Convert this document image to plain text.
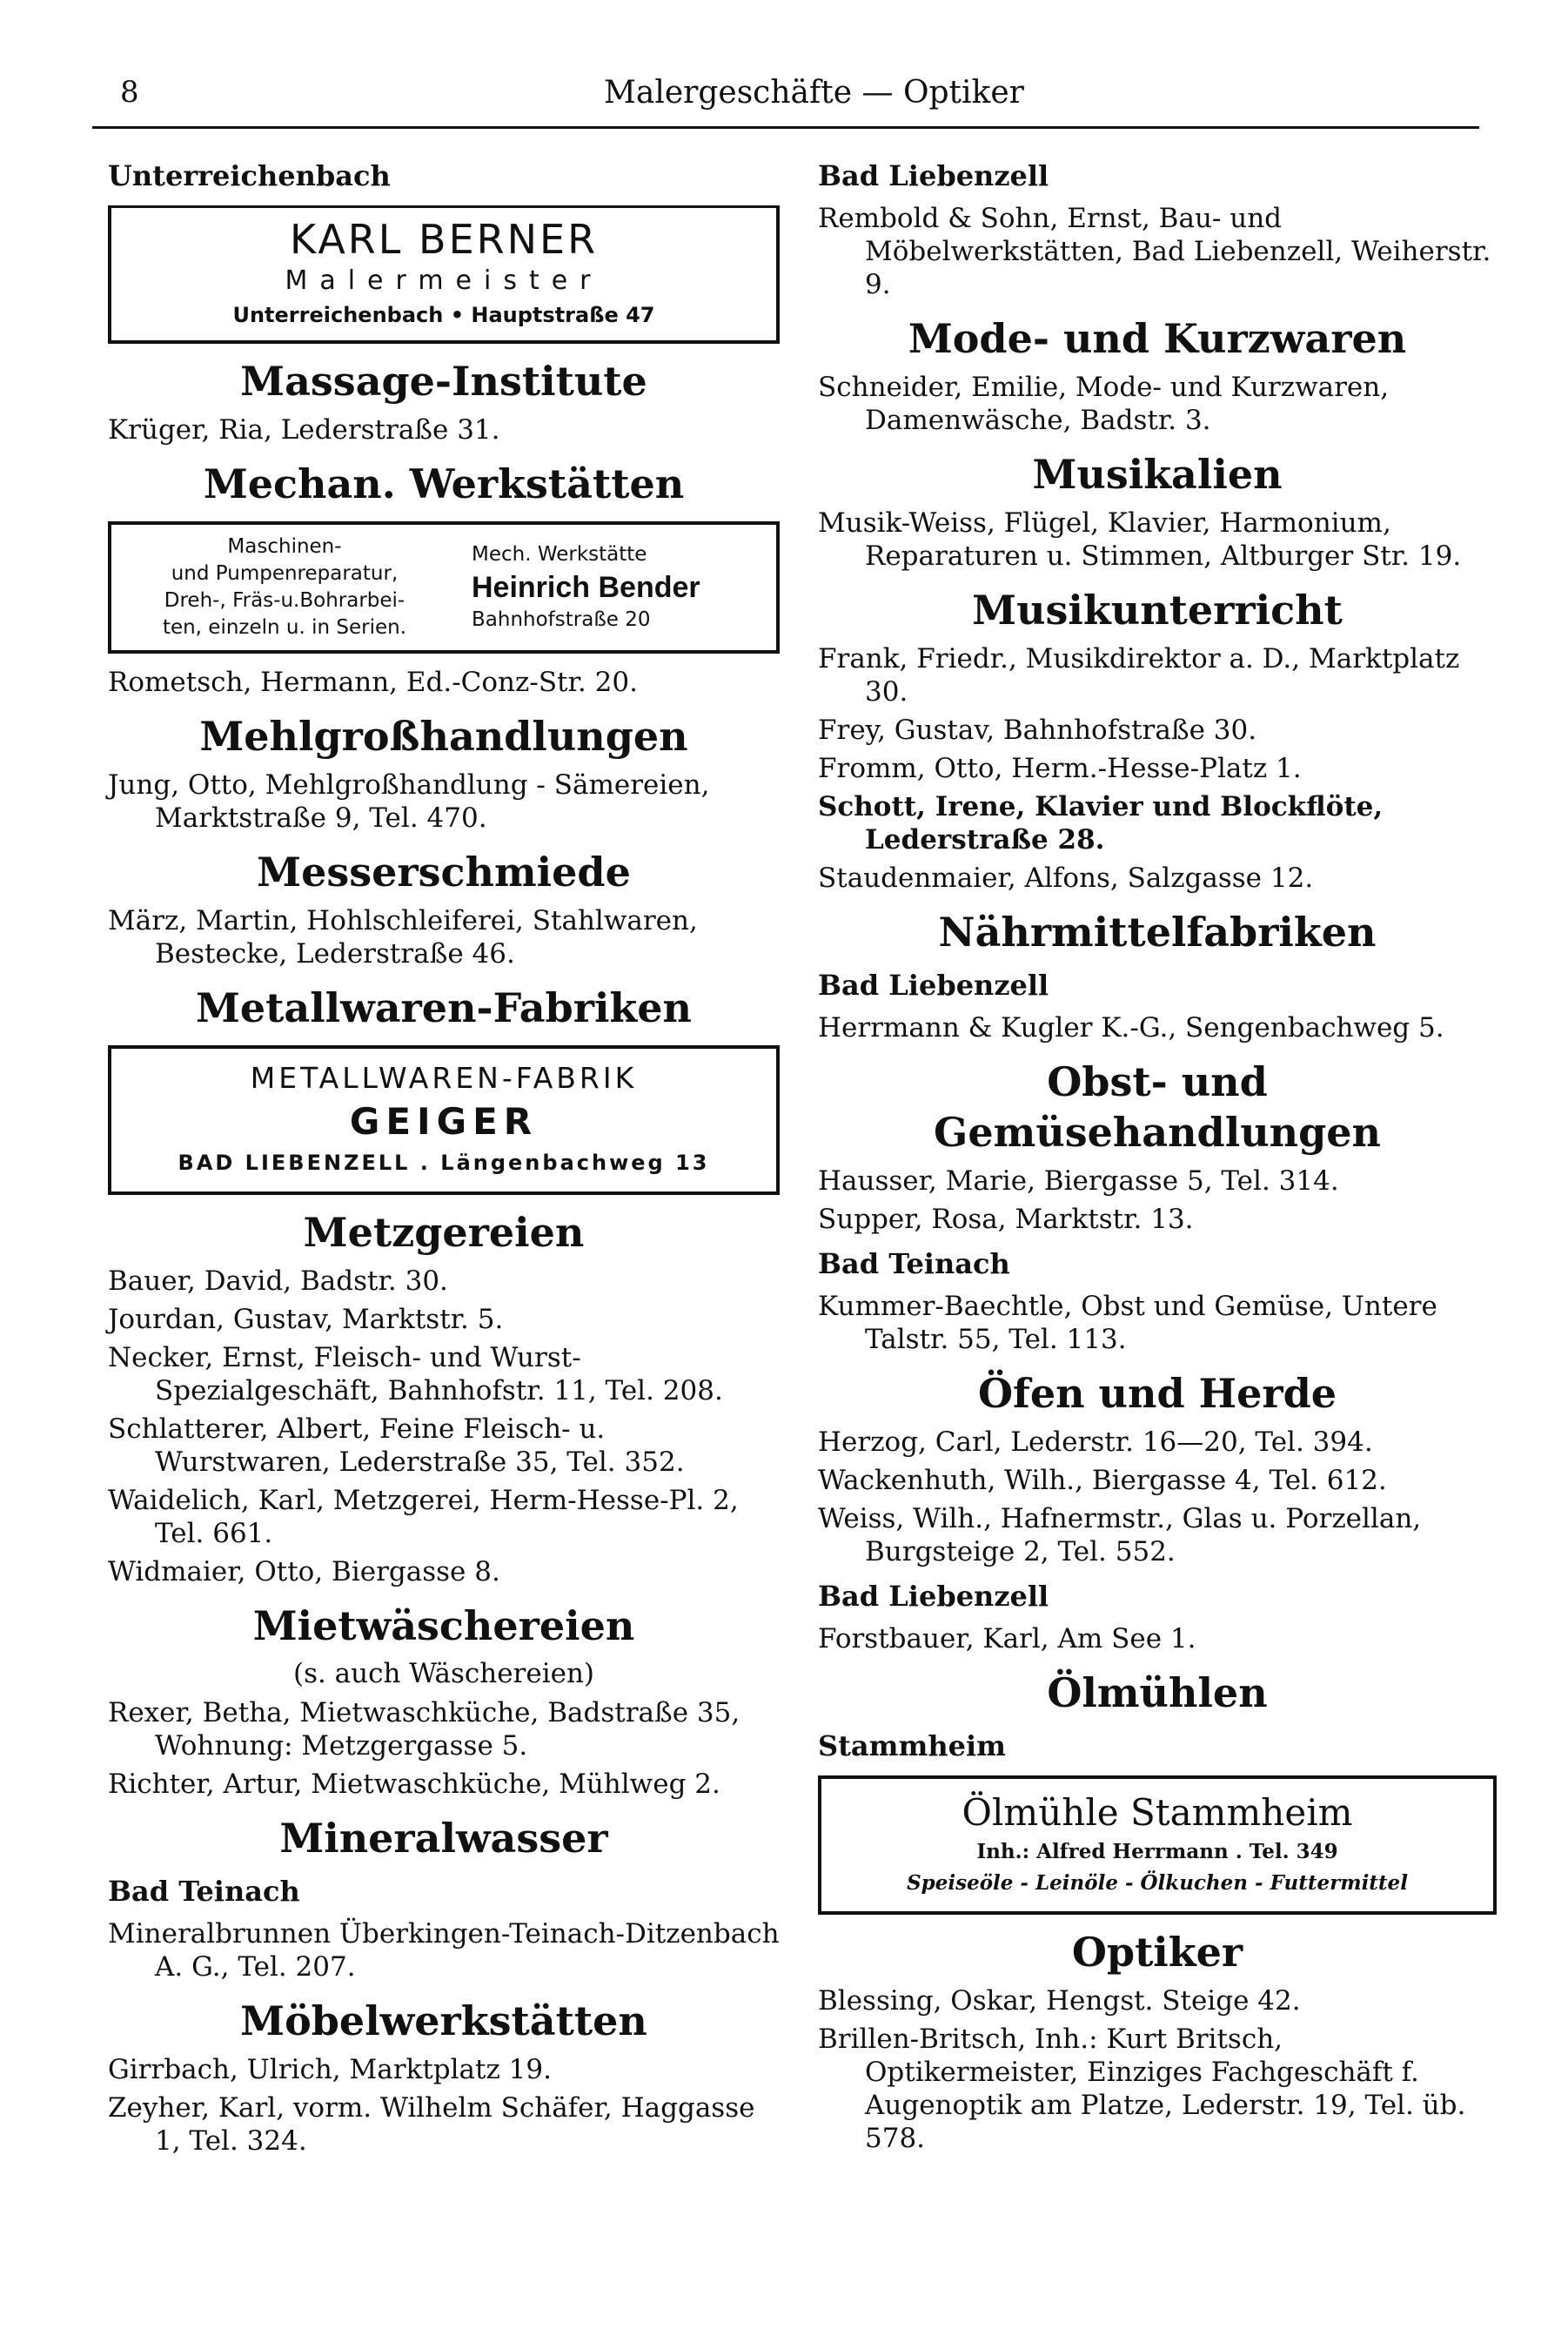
8	Malergeschäfte — Optiker
Unterreichenbach
KARL BERNER
Malermeister
Unterreichenbach • Hauptstraße 47
Massage-Institute
Krüger, Ria, Lederstraße 31.
Mechan. Werkstätten
Maschinen-
und Pumpenreparatur,
Dreh-, Fräs-u.Bohrarbei-
ten, einzeln u. in Serien.
Mech. Werkstätte
Heinrich Bender
Bahnhofstraße 20
Rometsch, Hermann, Ed.-Conz-Str. 20.
Mehlgroßhandlungen
Jung, Otto, Mehlgroßhandlung - Sämereien, Marktstraße 9, Tel. 470.
Messerschmiede
März, Martin, Hohlschleiferei, Stahlwaren, Bestecke, Lederstraße 46.
Metallwaren-Fabriken
METALLWAREN-FABRIK
GEIGER
BAD LIEBENZELL . Längenbachweg 13
Metzgereien
Bauer, David, Badstr. 30.
Jourdan, Gustav, Marktstr. 5.
Necker, Ernst, Fleisch- und Wurst-Spezialgeschäft, Bahnhofstr. 11, Tel. 208.
Schlatterer, Albert, Feine Fleisch- u. Wurstwaren, Lederstraße 35, Tel. 352.
Waidelich, Karl, Metzgerei, Herm-Hesse-Pl. 2, Tel. 661.
Widmaier, Otto, Biergasse 8.
Mietwäschereien
(s. auch Wäschereien)
Rexer, Betha, Mietwaschküche, Badstraße 35, Wohnung: Metzgergasse 5.
Richter, Artur, Mietwaschküche, Mühlweg 2.
Mineralwasser
Bad Teinach
Mineralbrunnen Überkingen-Teinach-Ditzenbach A. G., Tel. 207.
Möbelwerkstätten
Girrbach, Ulrich, Marktplatz 19.
Zeyher, Karl, vorm. Wilhelm Schäfer, Haggasse 1, Tel. 324.
Bad Liebenzell
Rembold & Sohn, Ernst, Bau- und Möbelwerkstätten, Bad Liebenzell, Weiherstr. 9.
Mode- und Kurzwaren
Schneider, Emilie, Mode- und Kurzwaren, Damenwäsche, Badstr. 3.
Musikalien
Musik-Weiss, Flügel, Klavier, Harmonium, Reparaturen u. Stimmen, Altburger Str. 19.
Musikunterricht
Frank, Friedr., Musikdirektor a. D., Marktplatz 30.
Frey, Gustav, Bahnhofstraße 30.
Fromm, Otto, Herm.-Hesse-Platz 1.
Schott, Irene, Klavier und Blockflöte, Lederstraße 28.
Staudenmaier, Alfons, Salzgasse 12.
Nährmittelfabriken
Bad Liebenzell
Herrmann & Kugler K.-G., Sengenbachweg 5.
Obst- und Gemüsehandlungen
Hausser, Marie, Biergasse 5, Tel. 314.
Supper, Rosa, Marktstr. 13.
Bad Teinach
Kummer-Baechtle, Obst und Gemüse, Untere Talstr. 55, Tel. 113.
Öfen und Herde
Herzog, Carl, Lederstr. 16—20, Tel. 394.
Wackenhuth, Wilh., Biergasse 4, Tel. 612.
Weiss, Wilh., Hafnermstr., Glas u. Porzellan, Burgsteige 2, Tel. 552.
Bad Liebenzell
Forstbauer, Karl, Am See 1.
Ölmühlen
Stammheim
Ölmühle Stammheim
Inh.: Alfred Herrmann . Tel. 349
Speiseöle - Leinöle - Ölkuchen - Futtermittel
Optiker
Blessing, Oskar, Hengst. Steige 42.
Brillen-Britsch, Inh.: Kurt Britsch, Optikermeister, Einziges Fachgeschäft f. Augenoptik am Platze, Lederstr. 19, Tel. üb. 578.
